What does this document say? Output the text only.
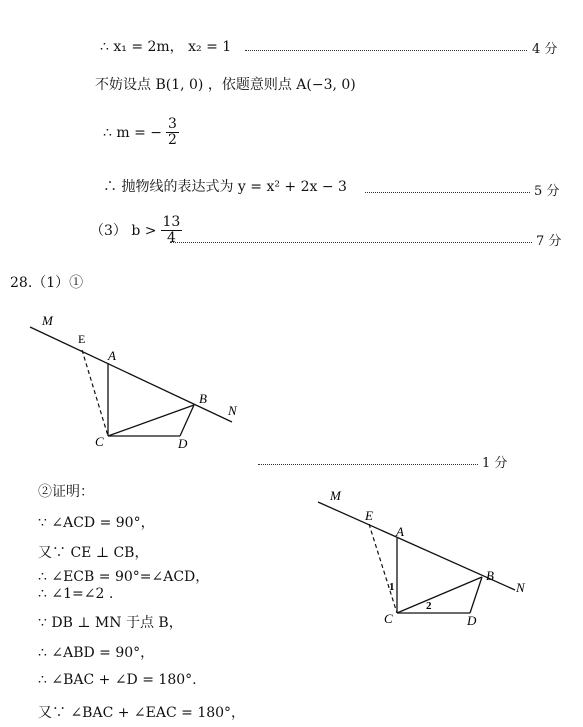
∴ x₁ = 2m， x₂ = 1	4 分
不妨设点 B(1, 0) ，依题意则点 A(−3, 0)
∴ m = − $\frac{3}{2}$
∴ 抛物线的表达式为 y = x² + 2x − 3	5 分
（3） $b > \frac{13}{4}$	7 分
28.（1）①
M
E
A
B
N
C	D
1 分
②证明：
∵ ∠ACD = 90°，
又∵ CE ⊥ CB，
∴ ∠ECB = 90°=∠ACD，
∴ ∠1=∠2 .
∵ DB ⊥ MN 于点 B，
∴ ∠ABD = 90°，
∴ ∠BAC + ∠D = 180°.
又∵ ∠BAC + ∠EAC = 180°，
M
E
A
B
N
C	D
1
2
